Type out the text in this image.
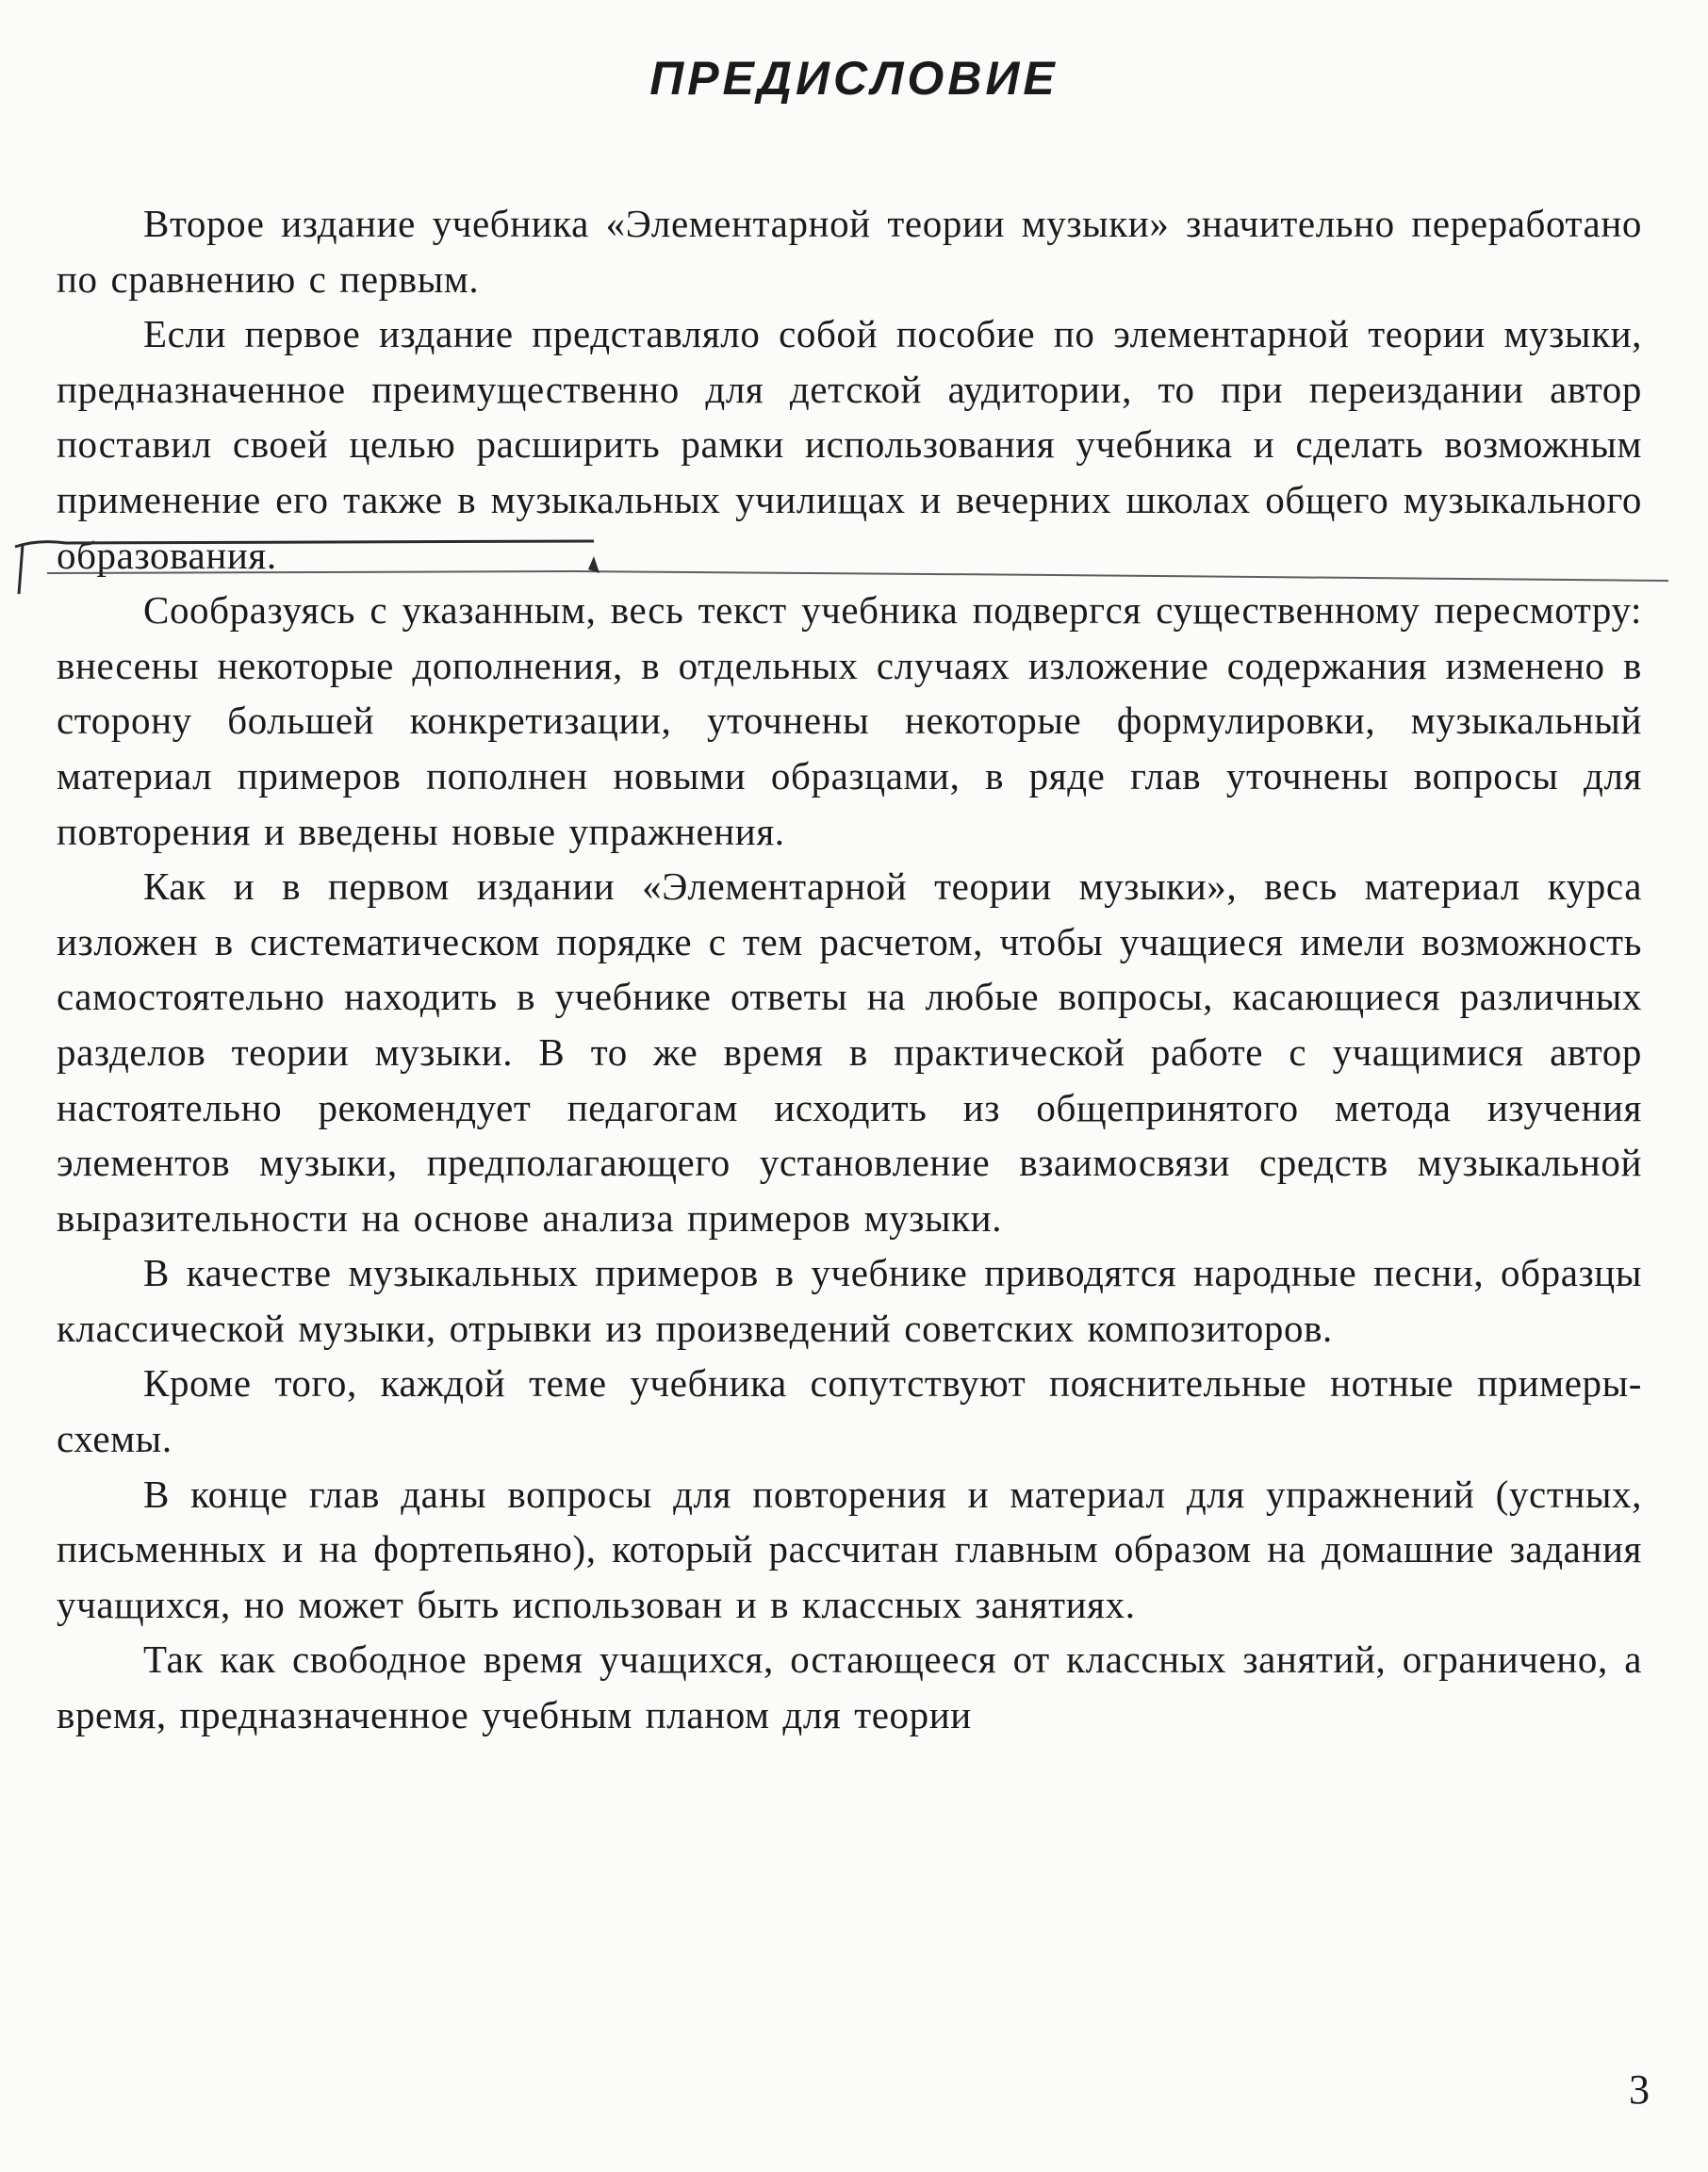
ПРЕДИСЛОВИЕ

Второе издание учебника «Элементарной теории музыки» значительно переработано по сравнению с первым.

Если первое издание представляло собой пособие по элементарной теории музыки, предназначенное преимущественно для детской аудитории, то при переиздании автор поставил своей целью расширить рамки использования учебника и сделать возможным применение его также в музыкальных училищах и вечерних школах общего музыкального образования.

Сообразуясь с указанным, весь текст учебника подвергся существенному пересмотру: внесены некоторые дополнения, в отдельных случаях изложение содержания изменено в сторону большей конкретизации, уточнены некоторые формулировки, музыкальный материал примеров пополнен новыми образцами, в ряде глав уточнены вопросы для повторения и введены новые упражнения.

Как и в первом издании «Элементарной теории музыки», весь материал курса изложен в систематическом порядке с тем расчетом, чтобы учащиеся имели возможность самостоятельно находить в учебнике ответы на любые вопросы, касающиеся различных разделов теории музыки. В то же время в практической работе с учащимися автор настоятельно рекомендует педагогам исходить из общепринятого метода изучения элементов музыки, предполагающего установление взаимосвязи средств музыкальной выразительности на основе анализа примеров музыки.

В качестве музыкальных примеров в учебнике приводятся народные песни, образцы классической музыки, отрывки из произведений советских композиторов.

Кроме того, каждой теме учебника сопутствуют пояснительные нотные примеры-схемы.

В конце глав даны вопросы для повторения и материал для упражнений (устных, письменных и на фортепьяно), который рассчитан главным образом на домашние задания учащихся, но может быть использован и в классных занятиях.

Так как свободное время учащихся, остающееся от классных занятий, ограничено, а время, предназначенное учебным планом для теории

3
